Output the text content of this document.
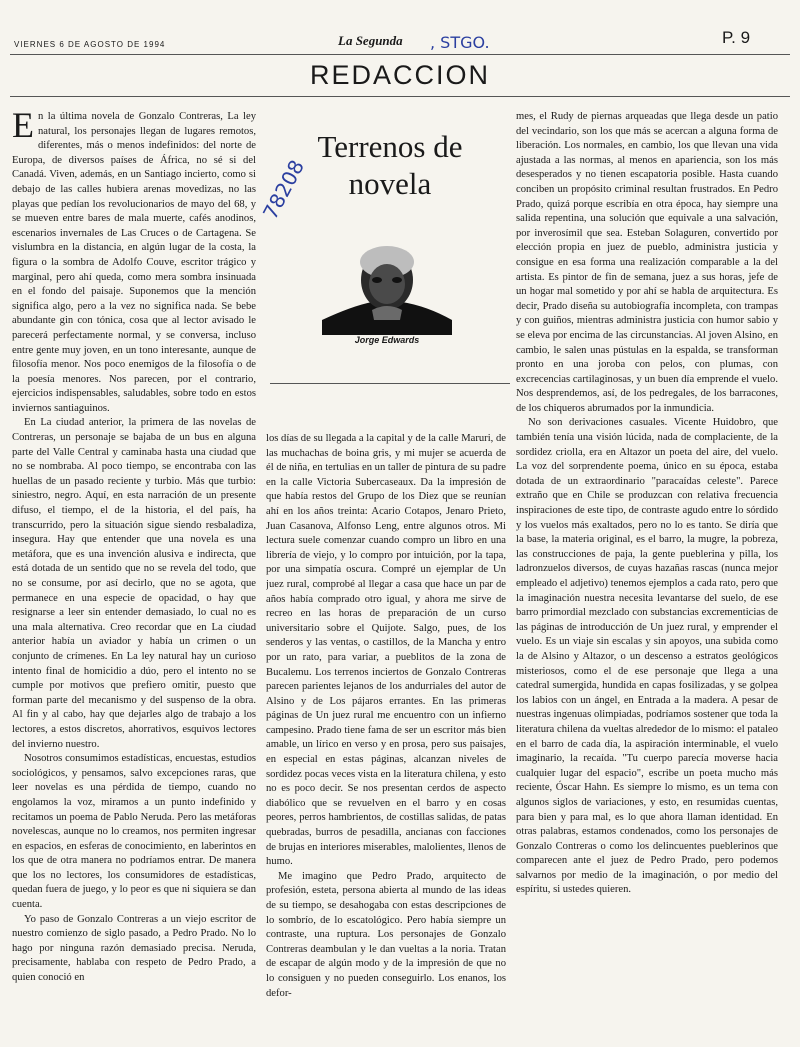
VIERNES 6 DE AGOSTO DE 1994	La Segunda , STGO.	P. 9
REDACCION

En la última novela de Gonzalo Contreras, La ley natural, los personajes llegan de lugares remotos, diferentes, más o menos indefinidos: del norte de Europa, de diversos países de África, no sé si del Canadá. Viven, además, en un Santiago incierto, como si debajo de las calles hubiera arenas movedizas, no las playas que pedían los revolucionarios de mayo del 68, y se mueven entre bares de mala muerte, cafés anodinos, escenarios invernales de Las Cruces o de Cartagena. Se vislumbra en la distancia, en algún lugar de la costa, la figura o la sombra de Adolfo Couve, escritor trágico y marginal, pero ahí queda, como mera sombra insinuada en el fondo del paisaje. Suponemos que la mención significa algo, pero a la vez no significa nada. Se bebe abundante gin con tónica, cosa que al lector avisado le parecerá perfectamente normal, y se conversa, incluso entre gente muy joven, en un tono interesante, aunque de filosofía menor. Nos poco enemigos de la filosofía o de la poesía menores. Nos parecen, por el contrario, ejercicios indispensables, saludables, sobre todo en estos inviernos santiaguinos.

En La ciudad anterior, la primera de las novelas de Contreras, un personaje se bajaba de un bus en alguna parte del Valle Central y caminaba hasta una ciudad que no se nombraba. Al poco tiempo, se encontraba con las huellas de un pasado reciente y turbio. Más que turbio: siniestro, negro. Aquí, en esta narración de un presente difuso, el tiempo, el de la historia, el del país, ha transcurrido, pero la situación sigue siendo resbaladiza, insegura. Hay que entender que una novela es una metáfora, que es una invención alusiva e indirecta, que está dotada de un sentido que no se revela del todo, que no se consume, por así decirlo, que no se agota, que permanece en una especie de opacidad, o hay que resignarse a leer sin entender demasiado, lo cual no es una mala alternativa. Creo recordar que en La ciudad anterior había un aviador y había un crimen o un conjunto de crímenes. En La ley natural hay un curioso intento final de homicidio a dúo, pero el intento no se cumple por motivos que prefiero omitir, puesto que forman parte del mecanismo y del suspenso de la obra. Al fin y al cabo, hay que dejarles algo de trabajo a los lectores, a estos discretos, ahorrativos, esquivos lectores del invierno nuestro.

Nosotros consumimos estadísticas, encuestas, estudios sociológicos, y pensamos, salvo excepciones raras, que leer novelas es una pérdida de tiempo, cuando no engolamos la voz, miramos a un punto indefinido y recitamos un poema de Pablo Neruda. Pero las metáforas novelescas, aunque no lo creamos, nos permiten ingresar en espacios, en esferas de conocimiento, en laberintos en los que de otra manera no podríamos entrar. De manera que los no lectores, los consumidores de estadísticas, quedan fuera de juego, y lo peor es que ni siquiera se dan cuenta.

Yo paso de Gonzalo Contreras a un viejo escritor de nuestro comienzo de siglo pasado, a Pedro Prado. No lo hago por ninguna razón demasiado precisa. Neruda, precisamente, hablaba con respeto de Pedro Prado, a quien conoció en

Terrenos de
novela
78208
Jorge Edwards

los días de su llegada a la capital y de la calle Maruri, de las muchachas de boina gris, y mi mujer se acuerda de él de niña, en tertulias en un taller de pintura de su padre en la calle Victoria Subercaseaux. Da la impresión de que había restos del Grupo de los Diez que se reunían ahí en los años treinta: Acario Cotapos, Jenaro Prieto, Juan Casanova, Alfonso Leng, entre algunos otros. Mi lectura suele comenzar cuando compro un libro en una librería de viejo, y lo compro por intuición, por la tapa, por una simpatía oscura. Compré un ejemplar de Un juez rural, comprobé al llegar a casa que hace un par de años había comprado otro igual, y ahora me sirve de recreo en las horas de preparación de un curso universitario sobre el Quijote. Salgo, pues, de los senderos y las ventas, o castillos, de la Mancha y entro por un rato, para variar, a pueblitos de la zona de Bucalemu. Los terrenos inciertos de Gonzalo Contreras parecen parientes lejanos de los andurriales del autor de Alsino y de Los pájaros errantes. En las primeras páginas de Un juez rural me encuentro con un infierno campesino. Prado tiene fama de ser un escritor más bien amable, un lírico en verso y en prosa, pero sus paisajes, en especial en estas páginas, alcanzan niveles de sordidez pocas veces vista en la literatura chilena, y esto no es poco decir. Se nos presentan cerdos de aspecto diabólico que se revuelven en el barro y en cosas peores, perros hambrientos, de costillas salidas, de patas quebradas, burros de pesadilla, ancianas con facciones de brujas en interiores miserables, malolientes, llenos de humo.

Me imagino que Pedro Prado, arquitecto de profesión, esteta, persona abierta al mundo de las ideas de su tiempo, se desahogaba con estas descripciones de lo sombrío, de lo escatológico. Pero había siempre un contraste, una ruptura. Los personajes de Gonzalo Contreras deambulan y le dan vueltas a la noria. Tratan de escapar de algún modo y de la impresión de que no lo consiguen y no pueden conseguirlo. Los enanos, los defor-

mes, el Rudy de piernas arqueadas que llega desde un patio del vecindario, son los que más se acercan a alguna forma de liberación. Los normales, en cambio, los que llevan una vida ajustada a las normas, al menos en apariencia, son los más desesperados y no tienen escapatoria posible. Hasta cuando conciben un propósito criminal resultan frustrados. En Pedro Prado, quizá porque escribía en otra época, hay siempre una salida repentina, una solución que equivale a una salvación, por inverosímil que sea. Esteban Solaguren, convertido por elección propia en juez de pueblo, administra justicia y consigue en esa forma una realización comparable a la del artista. Es pintor de fin de semana, juez a sus horas, jefe de un hogar mal sometido y por ahí se habla de arquitectura. Es decir, Prado diseña su autobiografía incompleta, con trampas y con guiños, mientras administra justicia con humor sabio y se eleva por encima de las circunstancias. Al joven Alsino, en cambio, le salen unas pústulas en la espalda, se transforman pronto en una joroba con pelos, con plumas, con excrecencias cartilaginosas, y un buen día emprende el vuelo. Nos desprendemos, así, de los pedregales, de los barracones, de los chiqueros abrumados por la inmundicia.

No son derivaciones casuales. Vicente Huidobro, que también tenía una visión lúcida, nada de complaciente, de la sordidez criolla, era en Altazor un poeta del aire, del vuelo. La voz del sorprendente poema, único en su época, estaba dotada de un extraordinario "paracaídas celeste". Parece extraño que en Chile se produzcan con relativa frecuencia inspiraciones de este tipo, de contraste agudo entre lo sórdido y los vuelos más exaltados, pero no lo es tanto. Se diría que la base, la materia original, es el barro, la mugre, la pobreza, las construcciones de paja, la gente pueblerina y pilla, los ladronzuelos diversos, de cuyas hazañas rascas (nunca mejor empleado el adjetivo) tenemos ejemplos a cada rato, pero que la imaginación nuestra necesita levantarse del suelo, de ese barro primordial mezclado con substancias excrementicias de las páginas de introducción de Un juez rural, y emprender el vuelo. Es un viaje sin escalas y sin apoyos, una subida como la de Alsino y Altazor, o un descenso a estratos geológicos misteriosos, como el de ese personaje que llega a una catedral sumergida, hundida en capas fosilizadas, y se golpea los labios con un ángel, en Entrada a la madera. A pesar de nuestras ingenuas olimpiadas, podríamos sostener que toda la literatura chilena da vueltas alrededor de lo mismo: el pataleo en el barro de cada día, la aspiración interminable, el vuelo imaginario, la recaída. "Tu cuerpo parecía moverse hacia cualquier lugar del espacio", escribe un poeta mucho más reciente, Óscar Hahn. Es siempre lo mismo, es un tema con algunos siglos de variaciones, y esto, en resumidas cuentas, para bien y para mal, es lo que ahora llaman identidad. En otras palabras, estamos condenados, como los personajes de Gonzalo Contreras o como los delincuentes pueblerinos que comparecen ante el juez de Pedro Prado, pero podemos salvarnos por medio de la imaginación, o por medio del espíritu, si ustedes quieren.
